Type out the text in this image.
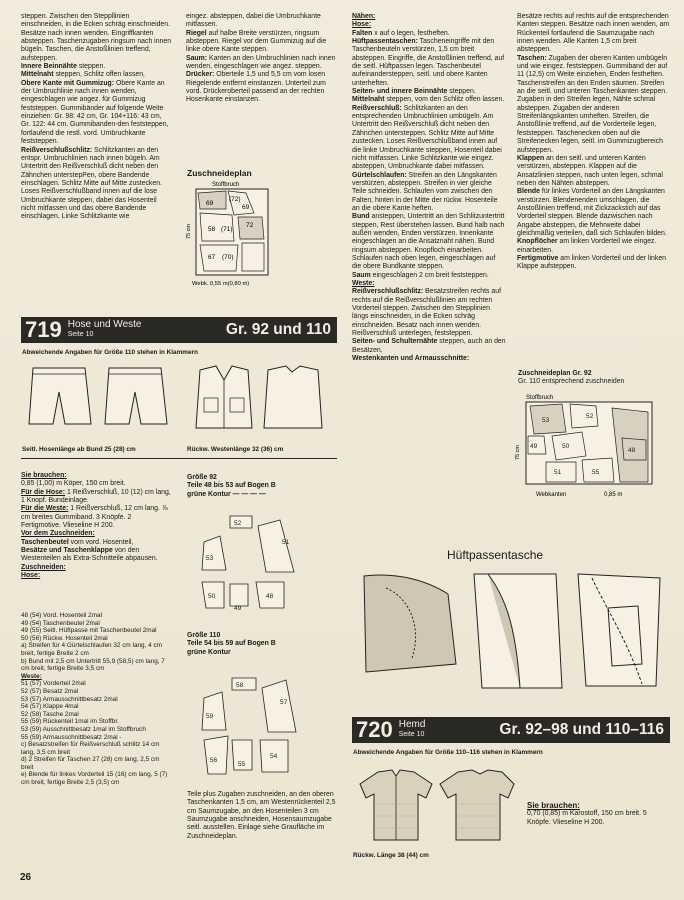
steppen. Zwischen den Steppllinien einschneiden, in die Ecken schräg einschneiden. Besätze nach innen wenden. Eingriffkanten absteppen. Taschenzugaben ringsum nach innen bügeln. Taschen, die Anstoßlinien treffend, aufsteppen.

Innere Beinnähte steppen.

Mittelnaht steppen, Schlitz offen lassen.

Obere Kante mit Gummizug: Obere Kante an der Umbruchlinie nach innen wenden, eingeschlagen wie angez. für Gummizug feststeppen. Gummibänder auf folgende Weite einziehen: Gr. 98: 42 cm, Gr. 104+116: 43 cm, Gr. 122: 44 cm. Gummibanden-den feststeppen, fortlaufend die restl. vord. Umbruchkante feststeppen.

Reißverschlußschlitz: Schlitzkanten an den entspr. Umbruchlinien nach innen bügeln. Am Untertritt den Reißverschluß dicht neben den Zähnchen unterstepPen, obere Bandende einschlagen. Schlitz Mitte auf Mitte zustecken. Loses Reißverschlußband innen auf die lose Umbruchkante steppen, dabei das Hosenteil nicht mitfassen und das obere Bandende einschlagen. Linke Schlitzkante wie

eingez. absteppen, dabei die Umbruchkante mitfassen.

Riegel auf halbe Breite verstürzen, ringsum absteppen. Riegel vor dem Gummizug auf die linke obere Kante steppen.

Saum: Kanten an den Umbruchlinien nach innen wenden, eingeschlagen wie angez. steppen.

Drücker: Oberteile 1,5 und 5,5 cm vom losen Riegelende entfernt einstanzen. Unterteil zum vord. Drückeroberteil passend an der rechten Hosenkante einstanzen.

Zuschneideplan
Stoffbruch
69
(72)
69
58 (71)
72
67 (70)
75 cm
Webk. 0,55 m(0,80 m)
719 Hose und Weste
Seite 10	Gr. 92 und 110
Abweichende Angaben für Größe 110 stehen in Klammern
Seitl. Hosenlänge ab Bund 25 (28) cm	Rückw. Westenlänge 32 (36) cm

Sie brauchen:

0,85 (1,00) m Köper, 150 cm breit.

Für die Hose: 1 Reißverschluß, 10 (12) cm lang, 1 Knopf. Bundeinlage.

Für die Weste: 1 Reißverschluß, 12 cm lang. ⅞ cm breites Gummiband. 3 Knöpfe. 2 Fertigmotive. Vlieseline H 200.

Vor dem Zuschneiden:

Taschenbeutel vom vord. Hosenteil,

Besätze und Taschenklappe von den Westenteilen als Extra-Schnitteile abpausen.

Zuschneiden:

Hose:

48 (54) Vord. Hosenteil 2mal

49 (54) Taschenbeutel 2mal

49 (55) Seitl. Hüftpasse mit Taschenbeutel 2mal

50 (56) Rückw. Hosenteil 2mal

a) Streifen für 4 Gürtelschlaufen 32 cm lang, 4 cm breit, fertige Breite 2 cm

b) Bund mit 2,5 cm Untertritt 55,9 (58,5) cm lang, 7 cm breit, fertige Breite 3,5 cm

Weste:

51 (57) Vorderteil 2mal

52 (57) Besatz 2mal

53 (57) Armausschnittbesatz 2mal

54 (57) Klappe 4mal

52 (58) Tasche 2mal

55 (59) Rückenteil 1mal im Stoffbr.

53 (59) Ausschnittbesatz 1mal im Stoffbruch

55 (59) Armausschnittbesatz 2mal -

c) Besatzstreifen für Reißverschluß schlitz 14 cm lang, 3,5 cm breit

d) 2 Streifen für Taschen 27 (28) cm lang, 2,5 cm breit

e) Blende für linkes Vorderteil 15 (16) cm lang, 5 (7) cm breit, fertige Breite 2,5 (3,5) cm

Größe 92

Teile 48 bis 53 auf Bogen B

grüne Kontur — — — —

52
53
51
50
49
48

Größe 110

Teile 54 bis 59 auf Bogen B

grüne Kontur

58
59
57
56
55
54

Teile plus Zugaben zuschneiden, an den oberen Taschenkanten 1,5 cm, am Westenrückenteil 2,5 cm Saumzugabe, an den Hosenteilen 3 cm Saumzugabe anschneiden, Hosensaumzugabe seitl. ausstellen. Einlage siehe Graufläche im Zuschneideplan.

Nähen:

Hose:

Falten x auf o legen, festheften.

Hüftpassentaschen: Tascheneingriffe mit den Taschenbeuteln verstürzen, 1,5 cm breit absteppen. Eingriffe, die Anstoßlinien treffend, auf die seitl. Hüftpassen legen. Taschenbeutel aufeinandersteppen, seitl. und obere Kanten unterheften.

Seiten- und innere Beinnähte steppen.

Mittelnaht steppen, vom den Schlitz offen lassen.

Reißverschluß: Schlitzkanten an den entsprechenden Umbruchlinien umbügeln. Am Untertritt den Reißverschluß dicht neben den Zähnchen untersteppen. Schlitz Mitte auf Mitte zustecken. Loses Reißverschlußband innen auf die linke Umbruchkante steppen, Hosenteil dabei nicht mitfassen. Linke Schlitzkante wie eingez. absteppen, Umbruchkante dabei mitfassen.

Gürtelschlaufen: Streifen an den Längskanten verstürzen, absteppen. Streifen in vier gleiche Teile schneiden. Schlaufen vom zwischen den Falten, hinten in der Mitte der rückw. Hosenteile an die obere Kante heften.

Bund ansteppen, Untertritt an den Schlitzuntertritt steppen, Rest überstehen lassen. Bund halb nach außen wenden, Enden verstürzen. Innenkante eingeschlagen an die Ansatznaht nähen. Bund ringsum absteppen. Knopfloch einarbeiten. Schlaufen nach oben legen, eingeschlagen auf die obere Bundkante steppen.

Saum eingeschlagen 2 cm breit feststeppen.

Weste:

Reißverschlußschlitz: Besatzstreifen rechts auf rechts auf die Reißverschlußlinien am rechten Vorderteil steppen. Zwischen den Stepplinien längs einschneiden, in die Ecken schräg einschneiden. Besatz nach innen wenden. Reißverschluß unterlegen, feststeppen.

Seiten- und Schulternähte steppen, auch an den Besätzen.

Westenkanten und Armausschnitte:

Besätze rechts auf rechts auf die entsprechenden Kanten steppen. Besätze nach innen wenden, am Rückenteil fortlaufend die Saumzugabe nach innen wenden. Alle Kanten 1,5 cm breit absteppen.

Taschen: Zugaben der oberen Kanten umbügeln und wie eingez. feststeppen. Gummiband der auf 11 (12,5) cm Weite einziehen, Enden festheften. Taschenstreifen an den Enden säumen. Streifen an die seitl. und unteren Taschenkanten steppen. Zugaben in den Streifen legen, Nähte schmal absteppen. Zugaben der anderen Streifenlängskanten umheften. Streifen, die Anstoßlinie treffend, auf die Vorderteile legen, feststeppen. Taschenecken oben auf die Streifenecken legen, seitl. im Gummizugbereich aufsteppen.

Klappen an den seitl. und unteren Kanten verstürzen, absteppen. Klappen auf die Ansatzlinien steppen, nach unten legen, schmal neben den Nähten absteppen.

Blende für linkes Vorderteil an den Längskanten verstürzen. Blendenenden umschlagen, die Anstoßlinien treffend, mit Zickzackstich auf das Vorderteil steppen. Blende dazwischen nach Angabe absteppen, die Mehrweite dabei gleichmäßig verteilen, daß sich Schlaufen bilden.

Knopflöcher am linken Vorderteil wie eingez. einarbeiten.

Fertigmotive am linken Vorderteil und der linken Klappe aufsteppen.

Zuschneideplan Gr. 92

Gr. 110 entsprechend zuschneiden

Stoffbruch
53
52
49	50
48
51	55
75 cm
Webkanten	0,85 m
Hüftpassentasche
720 Hemd
Seite 10	Gr. 92–98 und 110–116
Abweichende Angaben für Größe 110–116 stehen in Klammern
Rückw. Länge 38 (44) cm

Sie brauchen:

0,70 (0,85) m Karostoff, 150 cm breit. 5 Knöpfe. Vlieseline H 200.

26
